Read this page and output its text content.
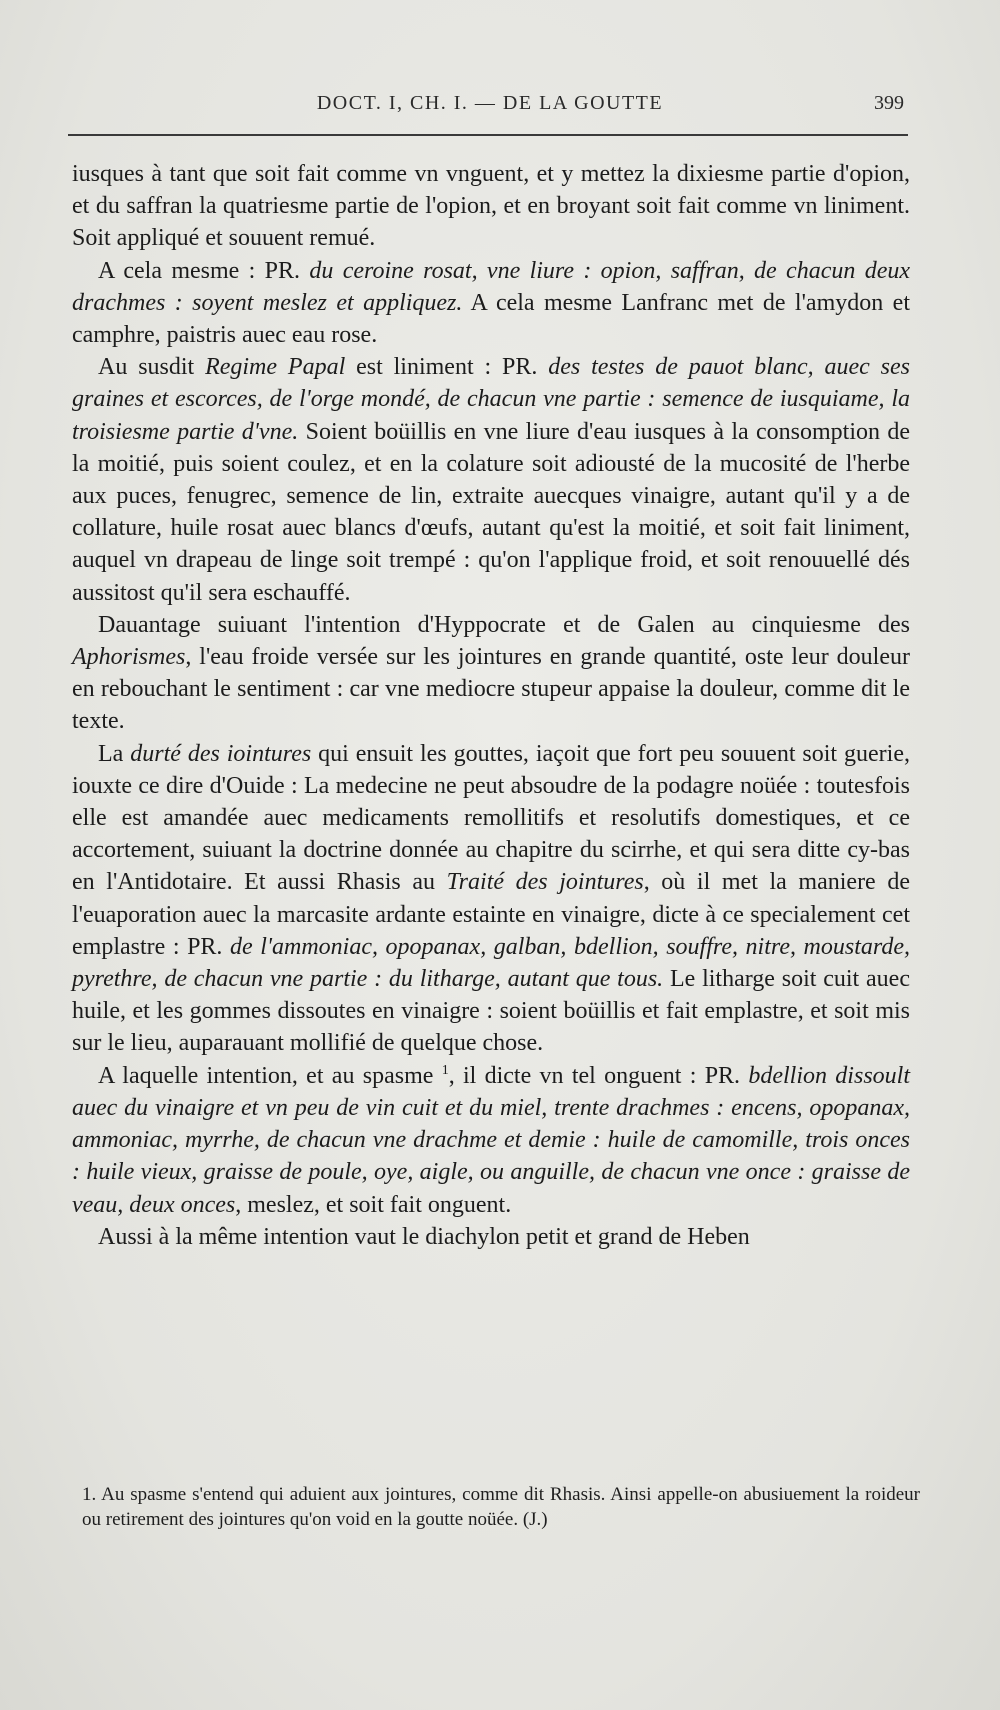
DOCT. I, CH. I. — DE LA GOUTTE	399

iusques à tant que soit fait comme vn vnguent, et y mettez la dixiesme partie d'opion, et du saffran la quatriesme partie de l'opion, et en broyant soit fait comme vn liniment. Soit appliqué et souuent remué.

A cela mesme : PR. du ceroine rosat, vne liure : opion, saffran, de chacun deux drachmes : soyent meslez et appliquez. A cela mesme Lanfranc met de l'amydon et camphre, paistris auec eau rose.

Au susdit Regime Papal est liniment : PR. des testes de pauot blanc, auec ses graines et escorces, de l'orge mondé, de chacun vne partie : semence de iusquiame, la troisiesme partie d'vne. Soient boüillis en vne liure d'eau iusques à la consomption de la moitié, puis soient coulez, et en la colature soit adiousté de la mucosité de l'herbe aux puces, fenugrec, semence de lin, extraite auecques vinaigre, autant qu'il y a de collature, huile rosat auec blancs d'œufs, autant qu'est la moitié, et soit fait liniment, auquel vn drapeau de linge soit trempé : qu'on l'applique froid, et soit renouuellé dés aussitost qu'il sera eschauffé.

Dauantage suiuant l'intention d'Hyppocrate et de Galen au cinquiesme des Aphorismes, l'eau froide versée sur les jointures en grande quantité, oste leur douleur en rebouchant le sentiment : car vne mediocre stupeur appaise la douleur, comme dit le texte.

La durté des iointures qui ensuit les gouttes, iaçoit que fort peu souuent soit guerie, iouxte ce dire d'Ouide : La medecine ne peut absoudre de la podagre noüée : toutesfois elle est amandée auec medicaments remollitifs et resolutifs domestiques, et ce accortement, suiuant la doctrine donnée au chapitre du scirrhe, et qui sera ditte cy-bas en l'Antidotaire. Et aussi Rhasis au Traité des jointures, où il met la maniere de l'euaporation auec la marcasite ardante estainte en vinaigre, dicte à ce specialement cet emplastre : PR. de l'ammoniac, opopanax, galban, bdellion, souffre, nitre, moustarde, pyrethre, de chacun vne partie : du litharge, autant que tous. Le litharge soit cuit auec huile, et les gommes dissoutes en vinaigre : soient boüillis et fait emplastre, et soit mis sur le lieu, auparauant mollifié de quelque chose.

A laquelle intention, et au spasme $^1$, il dicte vn tel onguent : PR. bdellion dissoult auec du vinaigre et vn peu de vin cuit et du miel, trente drachmes : encens, opopanax, ammoniac, myrrhe, de chacun vne drachme et demie : huile de camomille, trois onces : huile vieux, graisse de poule, oye, aigle, ou anguille, de chacun vne once : graisse de veau, deux onces, meslez, et soit fait onguent.

Aussi à la même intention vaut le diachylon petit et grand de Heben

1. Au spasme s'entend qui aduient aux jointures, comme dit Rhasis. Ainsi appelle-on abusiuement la roideur ou retirement des jointures qu'on void en la goutte noüée. (J.)
